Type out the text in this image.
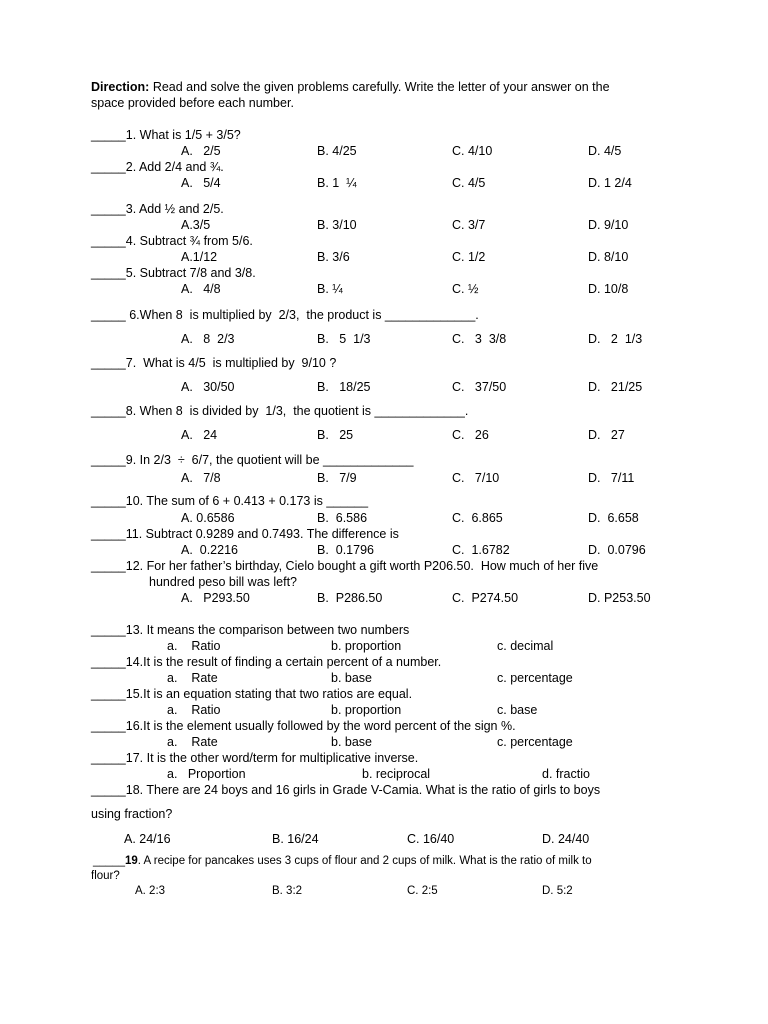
Direction: Read and solve the given problems carefully. Write the letter of your answer on the
space provided before each number.
_____1. What is 1/5 + 3/5?
A.   2/5	B. 4/25	C. 4/10	D. 4/5
_____2. Add 2/4 and ¾.
A.   5/4	B. 1  ¼	C. 4/5	D. 1 2/4
_____3. Add ½ and 2/5.
A.3/5	B. 3/10	C. 3/7	D. 9/10
_____4. Subtract ¾ from 5/6.
A.1/12	B. 3/6	C. 1/2	D. 8/10
_____5. Subtract 7/8 and 3/8.
A.   4/8	B. ¼	C. ½	D. 10/8
_____ 6.When 8  is multiplied by  2/3,  the product is _____________.
A.   8  2/3	B.   5  1/3	C.   3  3/8	D.   2  1/3
_____7.  What is 4/5  is multiplied by  9/10 ?
A.   30/50	B.   18/25	C.   37/50	D.   21/25
_____8. When 8  is divided by  1/3,  the quotient is _____________.
A.   24	B.   25	C.   26	D.   27
_____9. In 2/3  ÷  6/7, the quotient will be _____________
A.   7/8	B.   7/9	C.   7/10	D.   7/11
_____10. The sum of 6 + 0.413 + 0.173 is ______
A. 0.6586	B.  6.586	C.  6.865	D.  6.658
_____11. Subtract 0.9289 and 0.7493. The difference is
A.  0.2216	B.  0.1796	C.  1.6782	D.  0.0796
_____12. For her father’s birthday, Cielo bought a gift worth P206.50.  How much of her five
hundred peso bill was left?
A.   P293.50	B.  P286.50	C.  P274.50	D. P253.50
_____13. It means the comparison between two numbers
a.    Ratio	b. proportion	c. decimal
_____14.It is the result of finding a certain percent of a number.
a.    Rate	b. base	c. percentage
_____15.It is an equation stating that two ratios are equal.
a.    Ratio	b. proportion	c. base
_____16.It is the element usually followed by the word percent of the sign %.
a.    Rate	b. base	c. percentage
_____17. It is the other word/term for multiplicative inverse.
a.   Proportion	b. reciprocal	d. fractio
_____18. There are 24 boys and 16 girls in Grade V-Camia. What is the ratio of girls to boys
using fraction?
A. 24/16	B. 16/24	C. 16/40	D. 24/40
_____19. A recipe for pancakes uses 3 cups of flour and 2 cups of milk. What is the ratio of milk to
flour?
A. 2:3	B. 3:2	C. 2:5	D. 5:2
